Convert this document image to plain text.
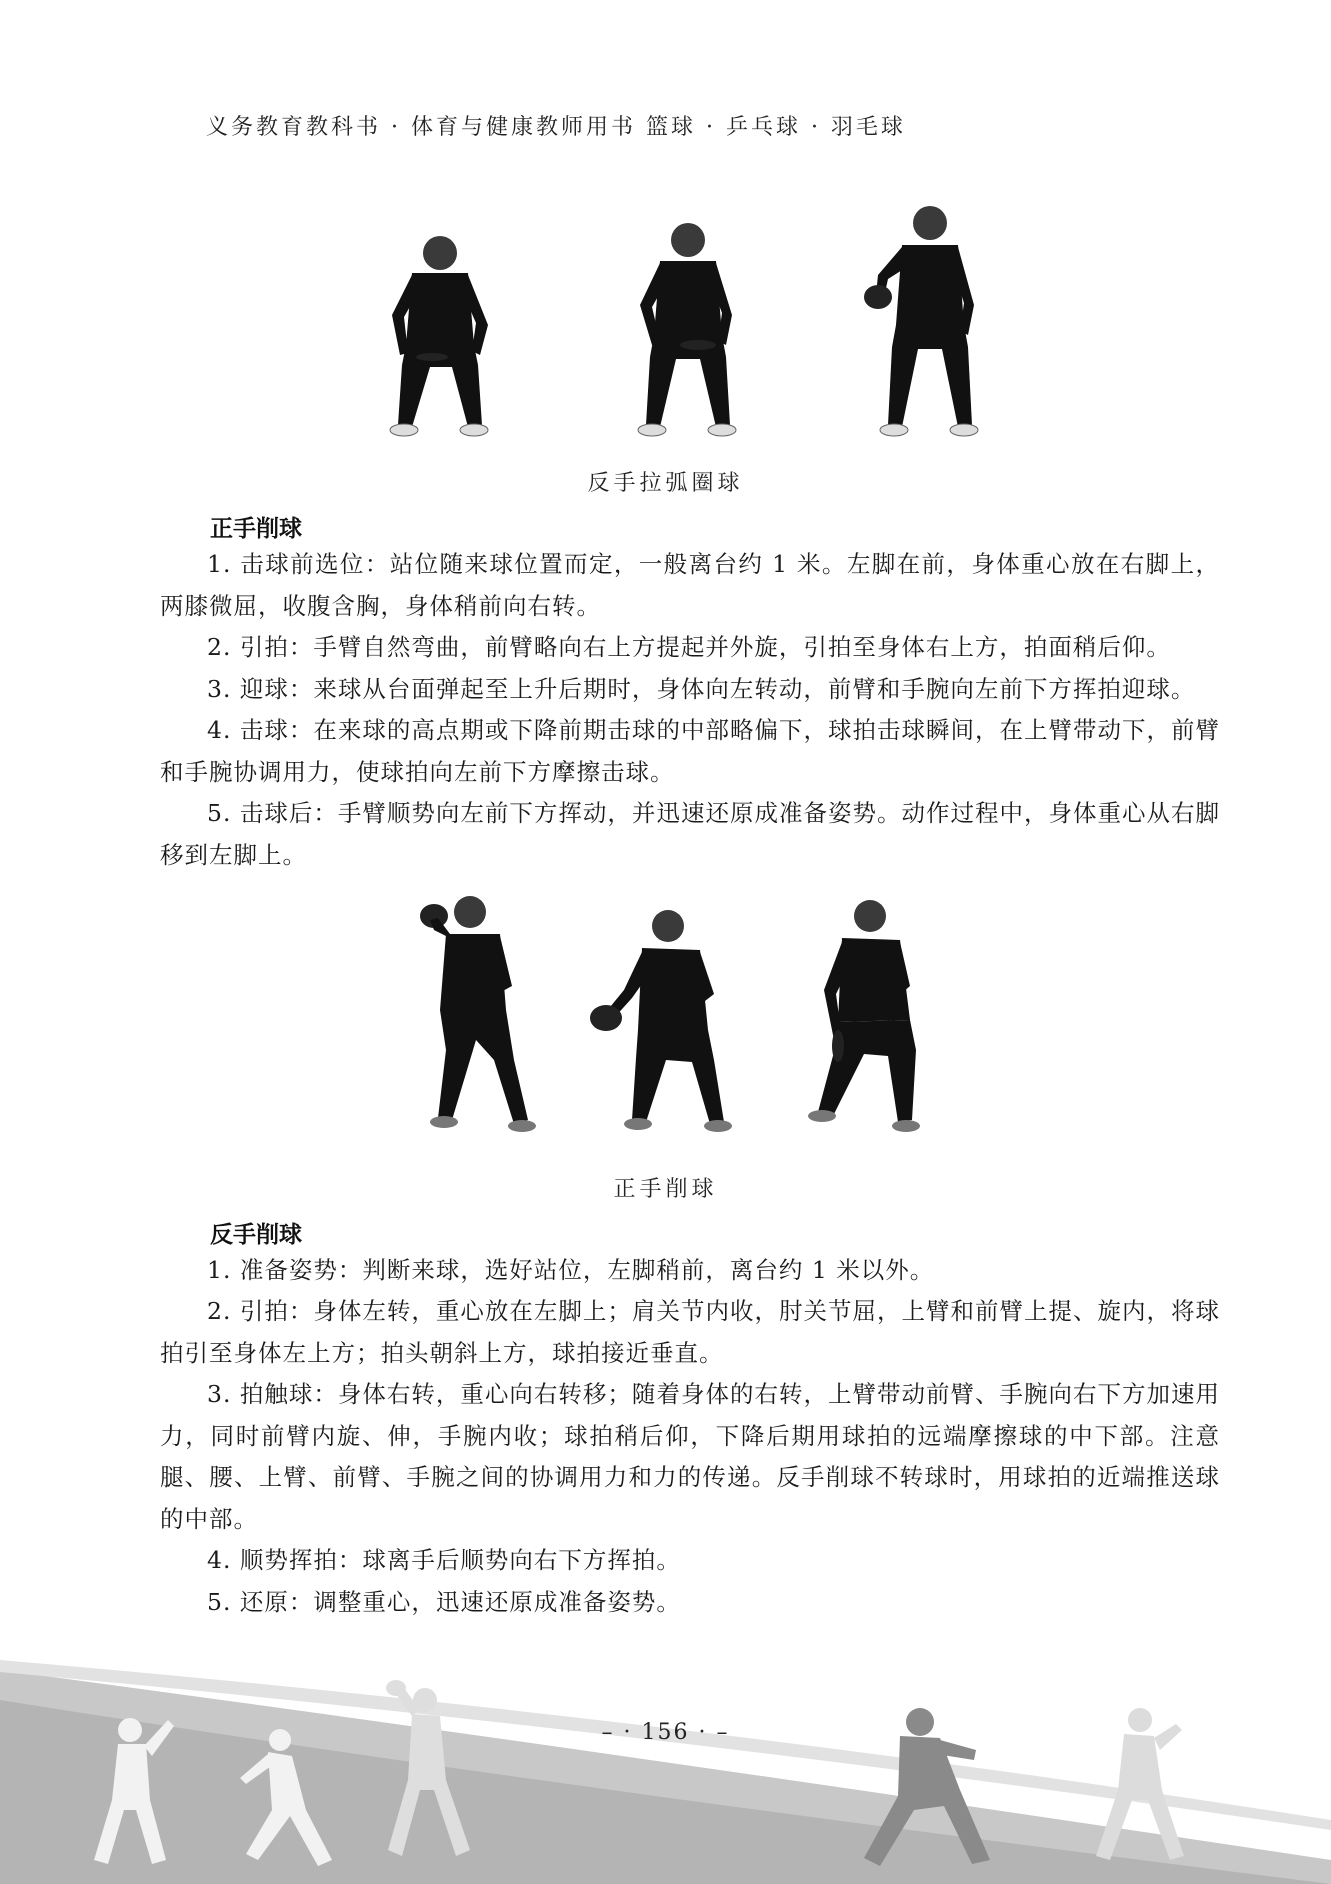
义务教育教科书 · 体育与健康教师用书 篮球 · 乒乓球 · 羽毛球
反手拉弧圈球
正手削球
1. 击球前选位：站位随来球位置而定，一般离台约 1 米。左脚在前，身体重心放在右脚上，两膝微屈，收腹含胸，身体稍前向右转。
2. 引拍：手臂自然弯曲，前臂略向右上方提起并外旋，引拍至身体右上方，拍面稍后仰。
3. 迎球：来球从台面弹起至上升后期时，身体向左转动，前臂和手腕向左前下方挥拍迎球。
4. 击球：在来球的高点期或下降前期击球的中部略偏下，球拍击球瞬间，在上臂带动下，前臂和手腕协调用力，使球拍向左前下方摩擦击球。
5. 击球后：手臂顺势向左前下方挥动，并迅速还原成准备姿势。动作过程中，身体重心从右脚移到左脚上。
正手削球
反手削球
1. 准备姿势：判断来球，选好站位，左脚稍前，离台约 1 米以外。
2. 引拍：身体左转，重心放在左脚上；肩关节内收，肘关节屈，上臂和前臂上提、旋内，将球拍引至身体左上方；拍头朝斜上方，球拍接近垂直。
3. 拍触球：身体右转，重心向右转移；随着身体的右转，上臂带动前臂、手腕向右下方加速用力，同时前臂内旋、伸，手腕内收；球拍稍后仰，下降后期用球拍的远端摩擦球的中下部。注意腿、腰、上臂、前臂、手腕之间的协调用力和力的传递。反手削球不转球时，用球拍的近端推送球的中部。
4. 顺势挥拍：球离手后顺势向右下方挥拍。
5. 还原：调整重心，迅速还原成准备姿势。
– · 156 · –
